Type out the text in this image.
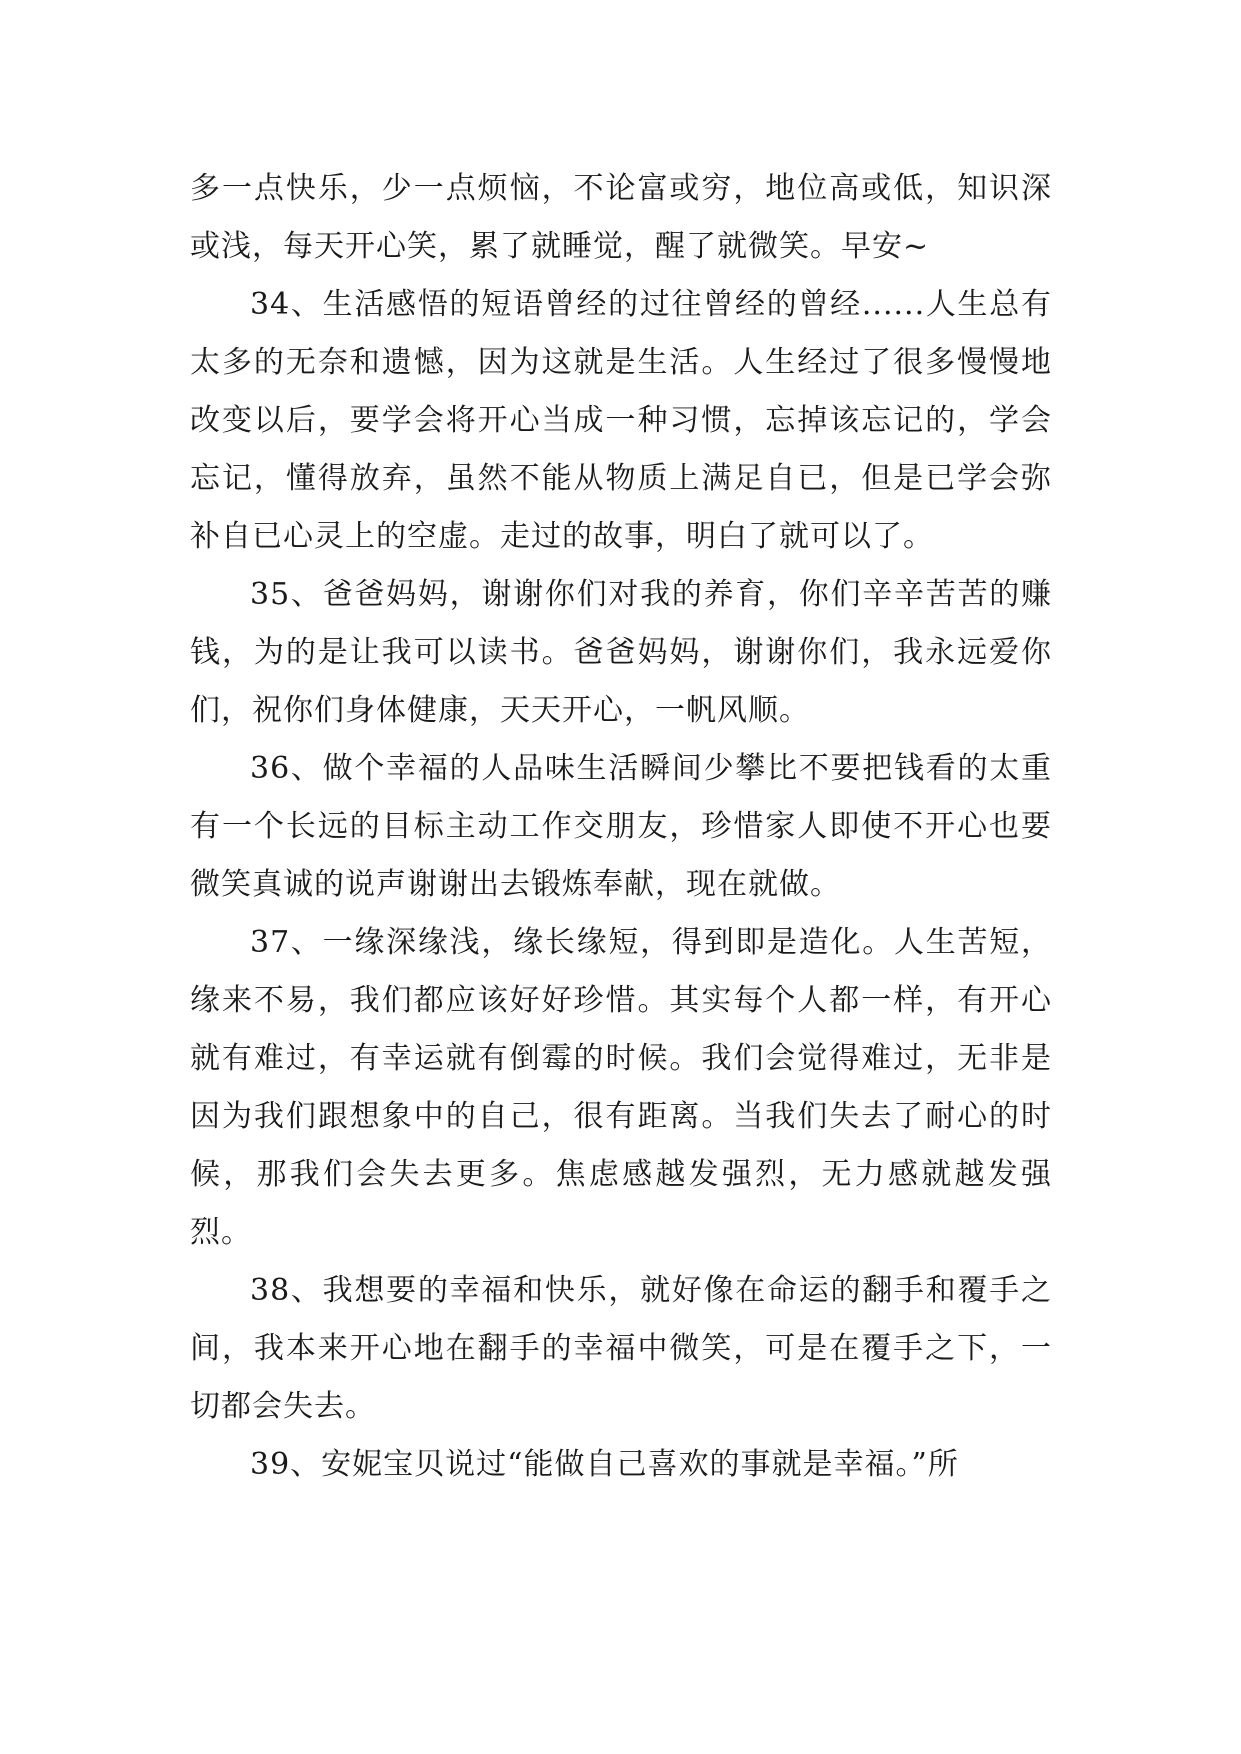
多一点快乐，少一点烦恼，不论富或穷，地位高或低，知识深或浅，每天开心笑，累了就睡觉，醒了就微笑。早安~

34、生活感悟的短语曾经的过往曾经的曾经......人生总有太多的无奈和遗憾，因为这就是生活。人生经过了很多慢慢地改变以后，要学会将开心当成一种习惯，忘掉该忘记的，学会忘记，懂得放弃，虽然不能从物质上满足自已，但是已学会弥补自已心灵上的空虚。走过的故事，明白了就可以了。

35、爸爸妈妈，谢谢你们对我的养育，你们辛辛苦苦的赚钱，为的是让我可以读书。爸爸妈妈，谢谢你们，我永远爱你们，祝你们身体健康，天天开心，一帆风顺。

36、做个幸福的人品味生活瞬间少攀比不要把钱看的太重有一个长远的目标主动工作交朋友，珍惜家人即使不开心也要微笑真诚的说声谢谢出去锻炼奉献，现在就做。

37、一缘深缘浅，缘长缘短，得到即是造化。人生苦短，缘来不易，我们都应该好好珍惜。其实每个人都一样，有开心就有难过，有幸运就有倒霉的时候。我们会觉得难过，无非是因为我们跟想象中的自己，很有距离。当我们失去了耐心的时候，那我们会失去更多。焦虑感越发强烈，无力感就越发强烈。

38、我想要的幸福和快乐，就好像在命运的翻手和覆手之间，我本来开心地在翻手的幸福中微笑，可是在覆手之下，一切都会失去。

39、安妮宝贝说过“能做自己喜欢的事就是幸福。”所
